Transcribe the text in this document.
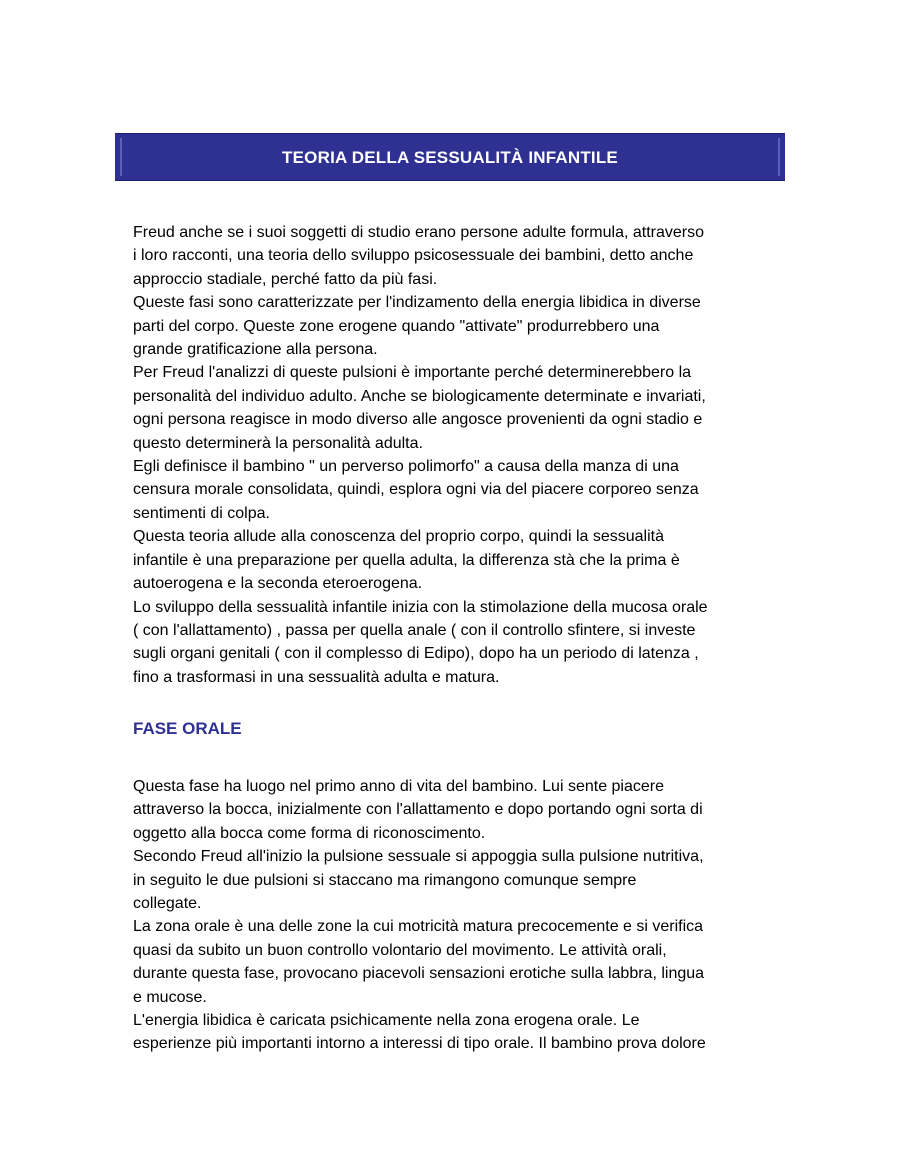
TEORIA DELLA SESSUALITÀ INFANTILE

Freud anche se i suoi soggetti di studio erano persone adulte formula, attraverso

i loro racconti, una teoria dello sviluppo psicosessuale dei bambini, detto anche

approccio stadiale, perché fatto da più fasi.

Queste fasi sono caratterizzate per l'indizamento della energia libidica in diverse

parti del corpo. Queste zone erogene quando "attivate" produrrebbero una

grande gratificazione alla persona.

Per Freud l'analizzi di queste pulsioni è importante perché determinerebbero la

personalità del individuo adulto. Anche se biologicamente determinate e invariati,

ogni persona reagisce in modo diverso alle angosce provenienti da ogni stadio e

questo determinerà la personalità adulta.

Egli definisce il bambino " un perverso polimorfo" a causa della manza di una

censura morale consolidata, quindi, esplora ogni via del piacere corporeo senza

sentimenti di colpa.

Questa teoria allude alla conoscenza del proprio corpo, quindi la sessualità

infantile è una preparazione per quella adulta, la differenza stà che la prima è

autoerogena e la seconda eteroerogena.

Lo sviluppo della sessualità infantile inizia con la stimolazione della mucosa orale

( con l'allattamento) , passa per quella anale ( con il controllo sfintere, si investe

sugli organi genitali ( con il complesso di Edipo), dopo ha un periodo di latenza ,

fino a trasformasi in una sessualità adulta e matura.

FASE ORALE

Questa fase ha luogo nel primo anno di vita del bambino. Lui sente piacere

attraverso la bocca, inizialmente con l'allattamento e dopo portando ogni sorta di

oggetto alla bocca come forma di riconoscimento.

Secondo Freud all'inizio la pulsione sessuale si appoggia sulla pulsione nutritiva,

in seguito le due pulsioni si staccano ma rimangono comunque sempre

collegate.

La zona orale è una delle zone la cui motricità matura precocemente e si verifica

quasi da subito un buon controllo volontario del movimento. Le attività orali,

durante questa fase, provocano piacevoli sensazioni erotiche sulla labbra, lingua

e mucose.

L'energia libidica è caricata psichicamente nella zona erogena orale. Le

esperienze più importanti intorno a interessi di tipo orale. Il bambino prova dolore
